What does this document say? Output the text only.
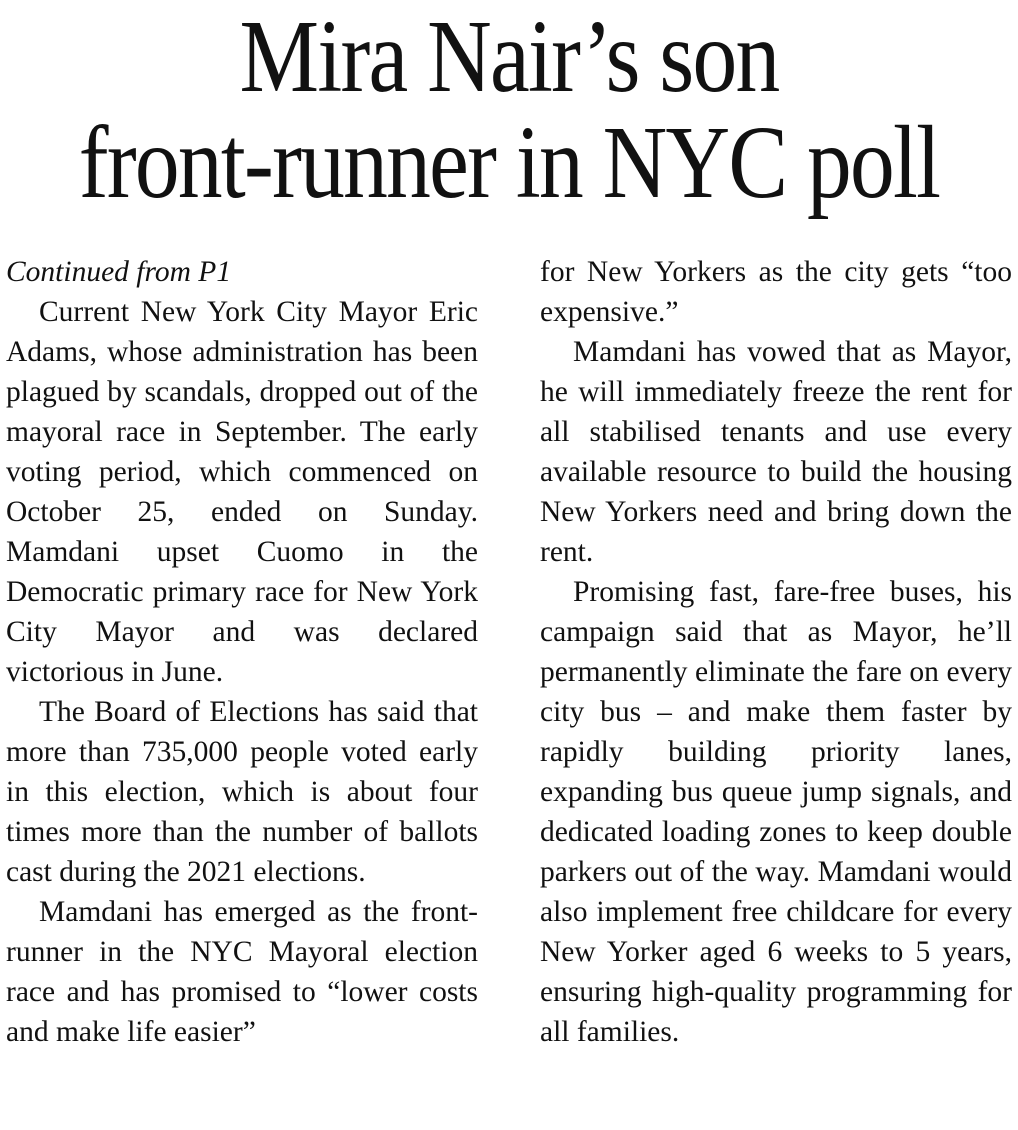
Mira Nair’s son
front-runner in NYC poll
Continued from P1

Current New York City Mayor Eric Adams, whose administration has been plagued by scandals, dropped out of the mayoral race in September. The early voting period, which commenced on October 25, ended on Sunday. Mamdani upset Cuomo in the Democratic primary race for New York City Mayor and was declared victorious in June.

The Board of Elections has said that more than 735,000 people voted early in this election, which is about four times more than the number of ballots cast during the 2021 elections.

Mamdani has emerged as the front-runner in the NYC Mayoral election race and has promised to “lower costs and make life easier”

for New Yorkers as the city gets “too expensive.”

Mamdani has vowed that as Mayor, he will immediately freeze the rent for all stabilised tenants and use every available resource to build the housing New Yorkers need and bring down the rent.

Promising fast, fare-free buses, his campaign said that as Mayor, he’ll permanently eliminate the fare on every city bus – and make them faster by rapidly building priority lanes, expanding bus queue jump signals, and dedicated loading zones to keep double parkers out of the way. Mamdani would also implement free childcare for every New Yorker aged 6 weeks to 5 years, ensuring high-quality programming for all families.
